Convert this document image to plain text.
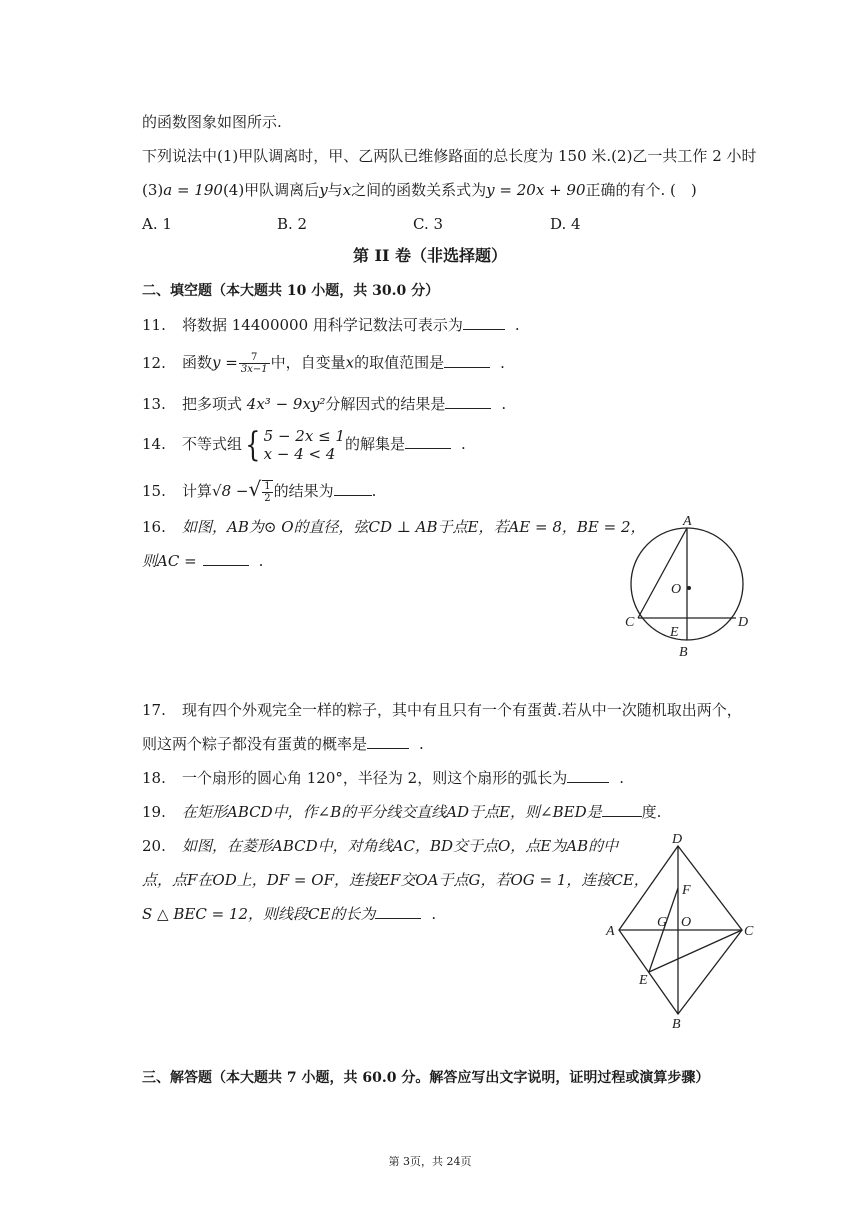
的函数图象如图所示.
下列说法中(1)甲队调离时，甲、乙两队已维修路面的总长度为 150 米.(2)乙一共工作 2 小时
(3)a = 190(4)甲队调离后y与x之间的函数关系式为y = 20x + 90正确的有个. ( )
A. 1	B. 2	C. 3	D. 4
第 II 卷（非选择题）
二、填空题（本大题共 10 小题，共 30.0 分）
11. 将数据 14400000 用科学记数法可表示为	.
12. 函数$y = \frac{7}{3x-1}$ 中，自变量x的取值范围是	.
13. 把多项式 4x³ − 9xy²分解因式的结果是	.
14. 不等式组{ 5 − 2x ≤ 1
x − 4 < 4
的解集是	.
15. 计算√8 −√ $\frac{1}{2}$ 的结果为	.
16. 如图，AB为⊙ O的直径，弦CD ⊥ AB于点E，若AE = 8，BE = 2，
则AC =	.
A
O
C
E
D
B
17. 现有四个外观完全一样的粽子，其中有且只有一个有蛋黄.若从中一次随机取出两个，
则这两个粽子都没有蛋黄的概率是	.
18. 一个扇形的圆心角 120°，半径为 2，则这个扇形的弧长为	.
19. 在矩形ABCD中，作∠B的平分线交直线AD于点E，则∠BED是	度.
20. 如图，在菱形ABCD中，对角线AC，BD交于点O，点E为AB的中
点，点F在OD上，DF = OF，连接EF交OA于点G，若OG = 1，连接CE，
S △ BEC = 12，则线段CE的长为	.
D
F
G O
A	C
E
B
三、解答题（本大题共 7 小题，共 60.0 分。解答应写出文字说明，证明过程或演算步骤）
第 3页，共 24页
